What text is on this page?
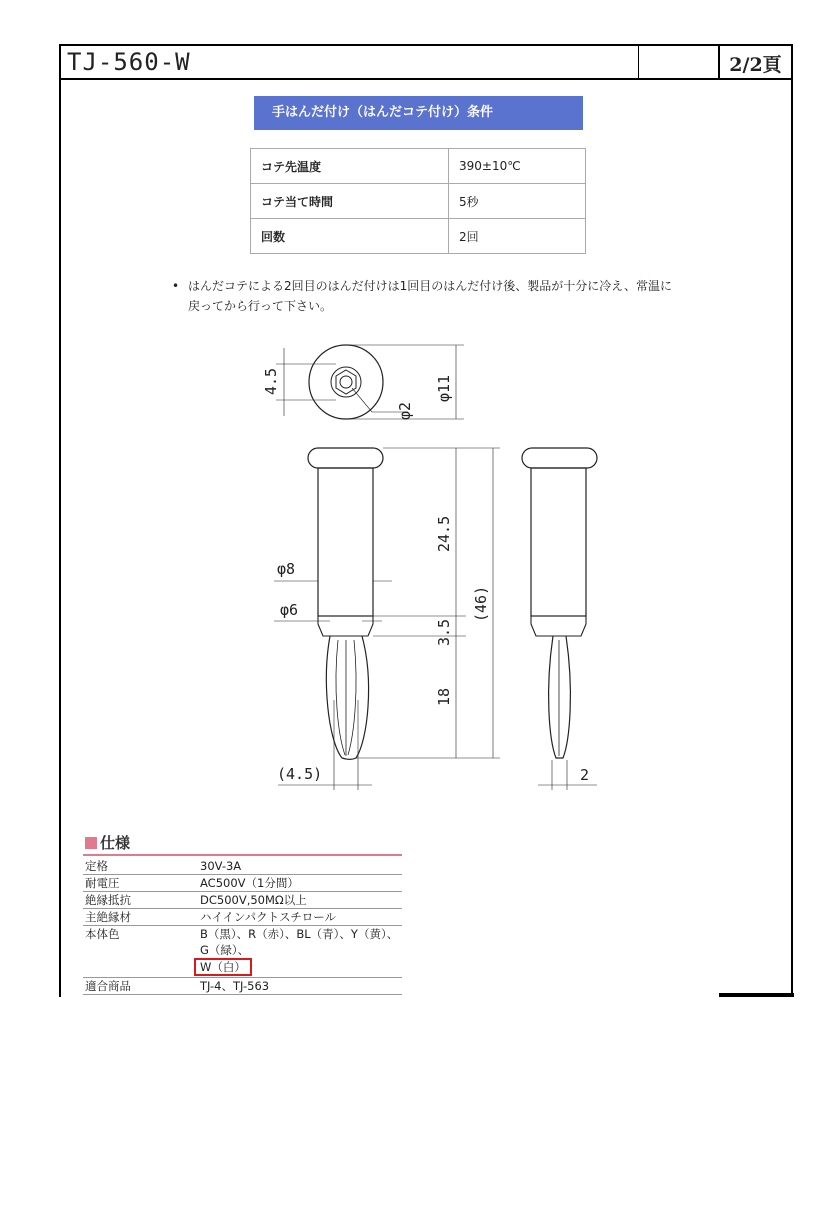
TJ-560-W	2/2頁
手はんだ付け（はんだコテ付け）条件
コテ先温度	390±10℃
コテ当て時間	5秒
回数	2回
• はんだコテによる2回目のはんだ付けは1回目のはんだ付け後、製品が十分に冷え、常温に戻ってから行って下さい。
4.5
φ2
φ11
24.5
(46)
3.5
18
φ8
φ6
(4.5)	2
仕様
定格	30V-3A
耐電圧	AC500V（1分間）
絶縁抵抗	DC500V,50MΩ以上
主絶縁材	ハイインパクトスチロール
本体色	B（黒）、R（赤）、BL（青）、Y（黄）、G（緑）、
W（白）
適合商品	TJ-4、TJ-563
